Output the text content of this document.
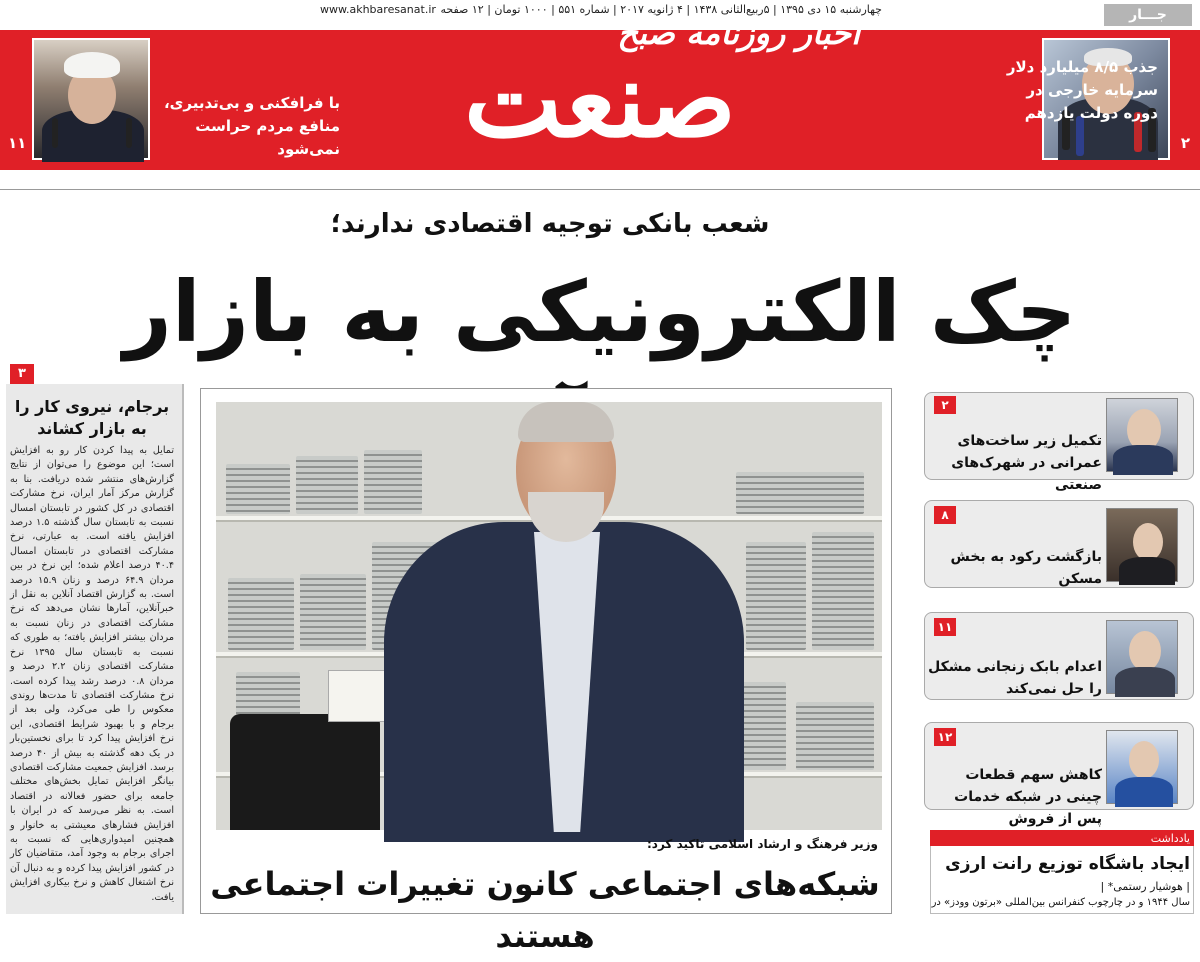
جـــار
اخبار روزنامه صبح
صنعت	جذب ۸/۵ میلیارد دلار سرمایه خارجی در دوره دولت یازدهم
۲
با فرافکنی و بی‌تدبیری، منافع مردم حراست نمی‌شود
۱۱
چهارشنبه ۱۵ دی ۱۳۹۵ | ۵ربیع‌الثانی ۱۴۳۸ | ۴ ژانویه ۲۰۱۷ | شماره ۵۵۱ | ۱۰۰۰ تومان | ۱۲ صفحه
www.akhbaresanat.ir
شعب بانکی توجیه اقتصادی ندارند؛
چک الکترونیکی به بازار
۳
برجام، نیروی کار را به بازار کشاند
تمایل به پیدا کردن کار رو به افزایش است؛ این موضوع را می‌توان از نتایج گزارش‌های منتشر شده دریافت. بنا به گزارش مرکز آمار ایران، نرخ مشارکت اقتصادی در کل کشور در تابستان امسال نسبت به تابستان سال گذشته ۱.۵ درصد افزایش یافته است. به عبارتی، نرخ مشارکت اقتصادی در تابستان امسال ۴۰.۴ درصد اعلام شده؛ این نرخ در بین مردان ۶۴.۹ درصد و زنان ۱۵.۹ درصد است. به گزارش اقتصاد آنلاین به نقل از خبرآنلاین، آمارها نشان می‌دهد که نرخ مشارکت اقتصادی در زنان نسبت به مردان بیشتر افزایش یافته؛ به طوری که نسبت به تابستان سال ۱۳۹۵ نرخ مشارکت اقتصادی زنان ۲.۲ درصد و مردان ۰.۸ درصد رشد پیدا کرده است. نرخ مشارکت اقتصادی تا مدت‌ها روندی معکوس را طی می‌کرد، ولی بعد از برجام و با بهبود شرایط اقتصادی، این نرخ افزایش پیدا کرد تا برای نخستین‌بار در یک دهه گذشته به بیش از ۴۰ درصد برسد. افزایش جمعیت مشارکت اقتصادی بیانگر افزایش تمایل بخش‌های مختلف جامعه برای حضور فعالانه در اقتصاد است. به نظر می‌رسد که در ایران با افزایش فشارهای معیشتی به خانوار و همچنین امیدواری‌هایی که نسبت به اجرای برجام به وجود آمد، متقاضیان کار در کشور افزایش پیدا کرده و به دنبال آن نرخ اشتغال کاهش و نرخ بیکاری افزایش یافت.
وزیر فرهنگ و ارشاد اسلامی تاکید کرد:
شبکه‌های اجتماعی کانون تغییرات اجتماعی هستند
۲
تکمیل زیر ساخت‌های عمرانی در شهرک‌های صنعتی
۸
بازگشت رکود به بخش مسکن
۱۱
اعدام بابک زنجانی مشکل را حل نمی‌کند
۱۲
کاهش سهم قطعات چینی در شبکه خدمات پس از فروش
یادداشت
ایجاد باشگاه توزیع رانت ارزی
| هوشیار رستمی* |
سال ۱۹۴۴ و در چارچوب کنفرانس بین‌المللی «برتون وودز» در
